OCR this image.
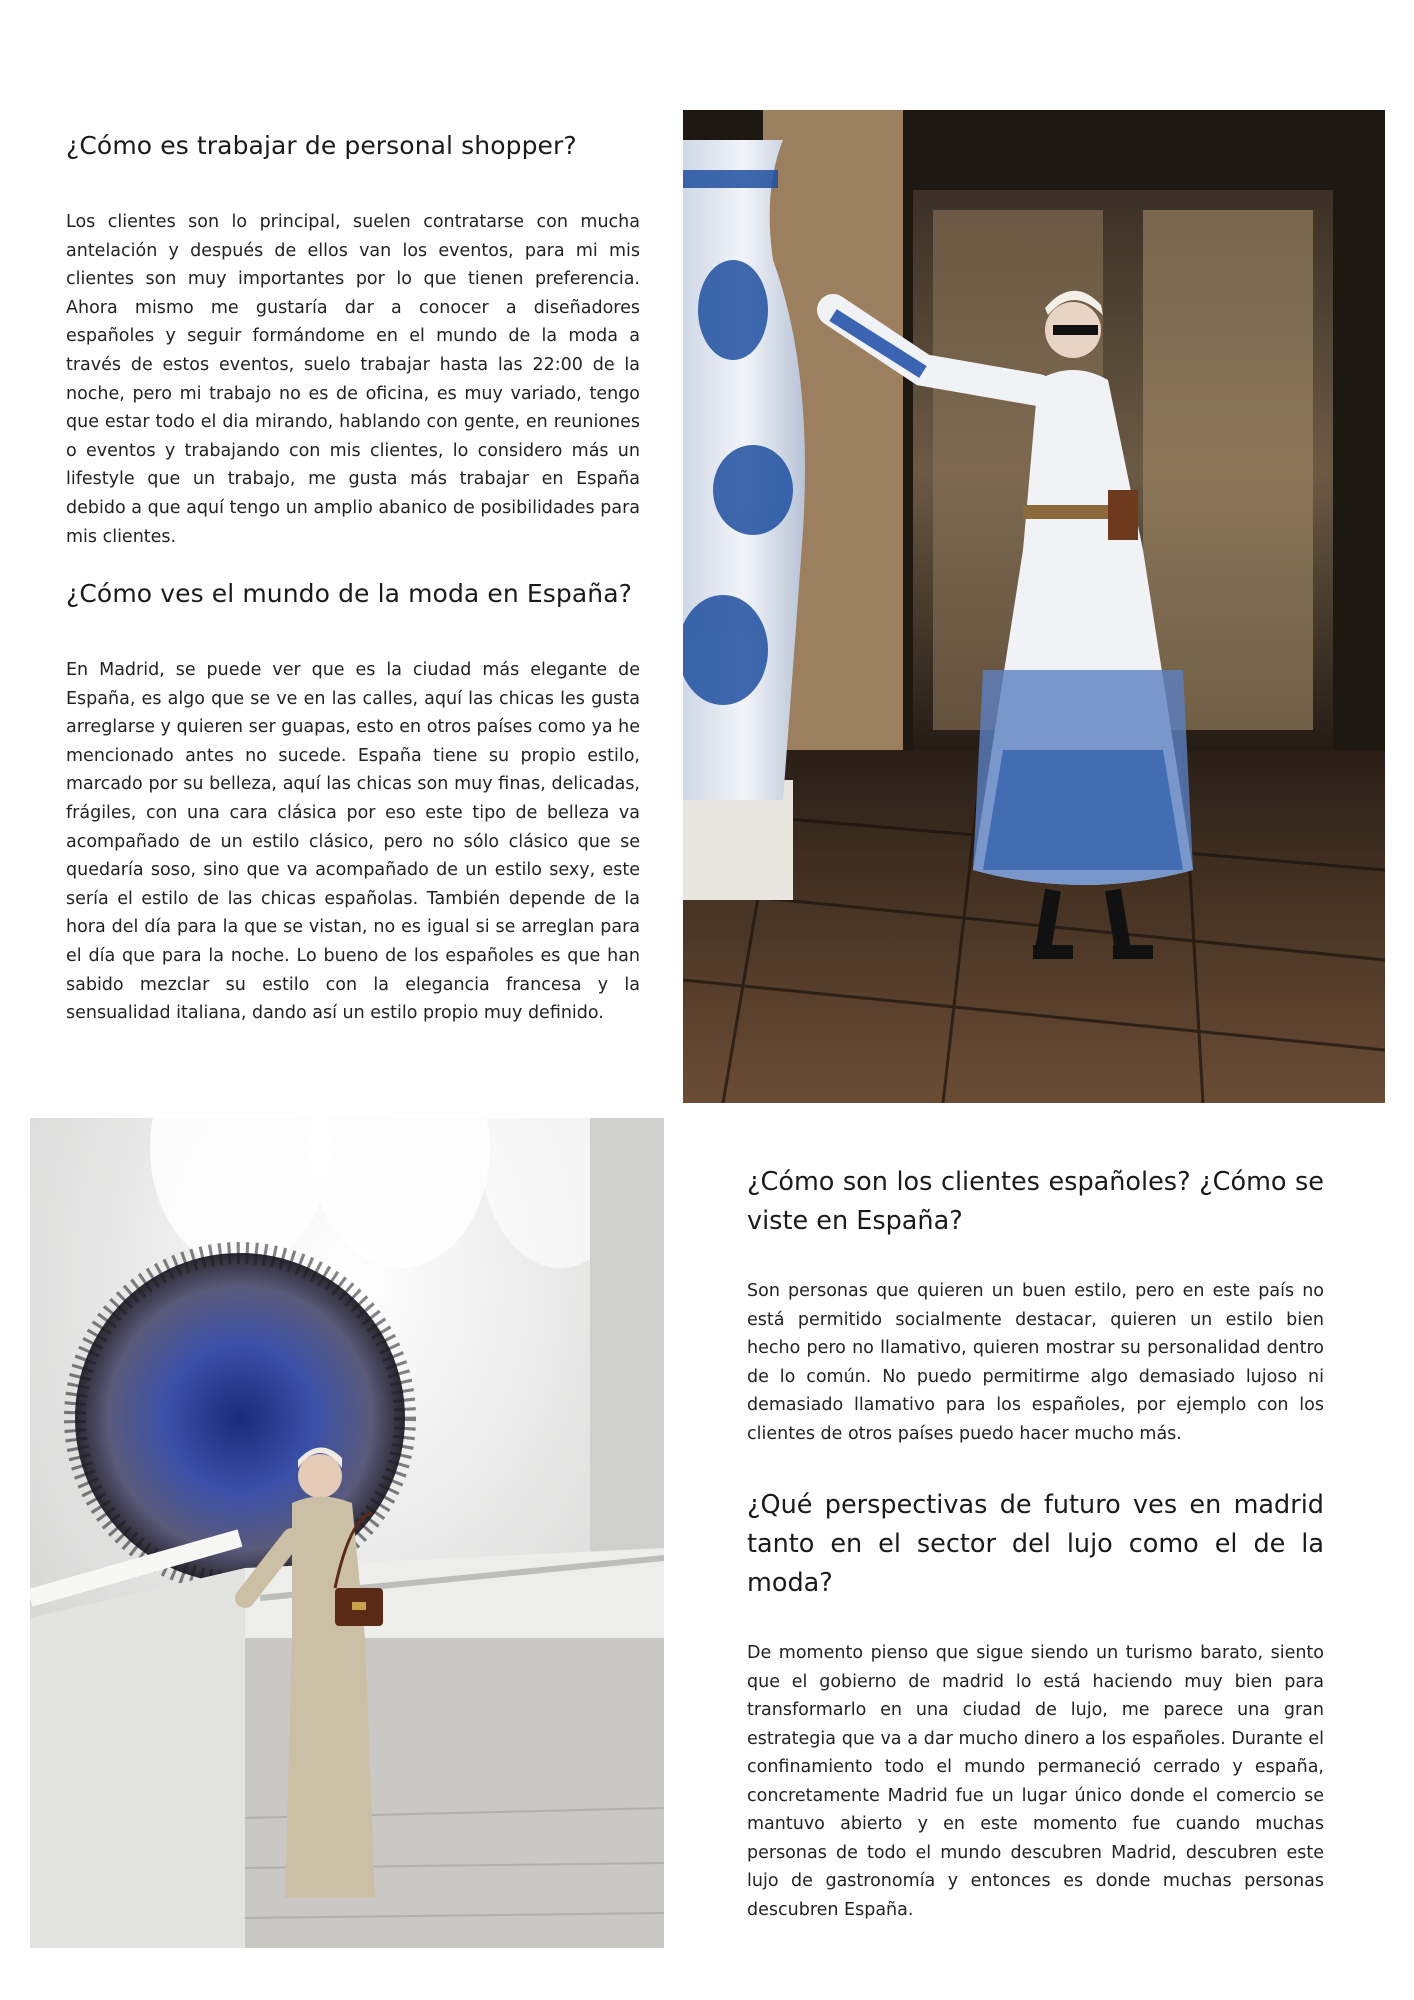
¿Cómo es trabajar de personal shopper?

Los clientes son lo principal, suelen contratarse con mucha antelación y después de ellos van los eventos, para mi mis clientes son muy importantes por lo que tienen preferencia. Ahora mismo me gustaría dar a conocer a diseñadores españoles y seguir formándome en el mundo de la moda a través de estos eventos, suelo trabajar hasta las 22:00 de la noche, pero mi trabajo no es de oficina, es muy variado, tengo que estar todo el dia mirando, hablando con gente, en reuniones o eventos y trabajando con mis clientes, lo considero más un lifestyle que un trabajo, me gusta más trabajar en España debido a que aquí tengo un amplio abanico de posibilidades para mis clientes.

¿Cómo ves el mundo de la moda en España?

En Madrid, se puede ver que es la ciudad más elegante de España, es algo que se ve en las calles, aquí las chicas les gusta arreglarse y quieren ser guapas, esto en otros países como ya he mencionado antes no sucede. España tiene su propio estilo, marcado por su belleza, aquí las chicas son muy finas, delicadas, frágiles, con una cara clásica por eso este tipo de belleza va acompañado de un estilo clásico, pero no sólo clásico que se quedaría soso, sino que va acompañado de un estilo sexy, este sería el estilo de las chicas españolas. También depende de la hora del día para la que se vistan, no es igual si se arreglan para el día que para la noche. Lo bueno de los españoles es que han sabido mezclar su estilo con la elegancia francesa y la sensualidad italiana, dando así un estilo propio muy definido.

¿Cómo son los clientes españoles? ¿Cómo se viste en España?

Son personas que quieren un buen estilo, pero en este país no está permitido socialmente destacar, quieren un estilo bien hecho pero no llamativo, quieren mostrar su personalidad dentro de lo común. No puedo permitirme algo demasiado lujoso ni demasiado llamativo para los españoles, por ejemplo con los clientes de otros países puedo hacer mucho más.

¿Qué perspectivas de futuro ves en madrid tanto en el sector del lujo como el de la moda?

De momento pienso que sigue siendo un turismo barato, siento que el gobierno de madrid lo está haciendo muy bien para transformarlo en una ciudad de lujo, me parece una gran estrategia que va a dar mucho dinero a los españoles. Durante el confinamiento todo el mundo permaneció cerrado y españa, concretamente Madrid fue un lugar único donde el comercio se mantuvo abierto y en este momento fue cuando muchas personas de todo el mundo descubren Madrid, descubren este lujo de gastronomía y entonces es donde muchas personas descubren España.
